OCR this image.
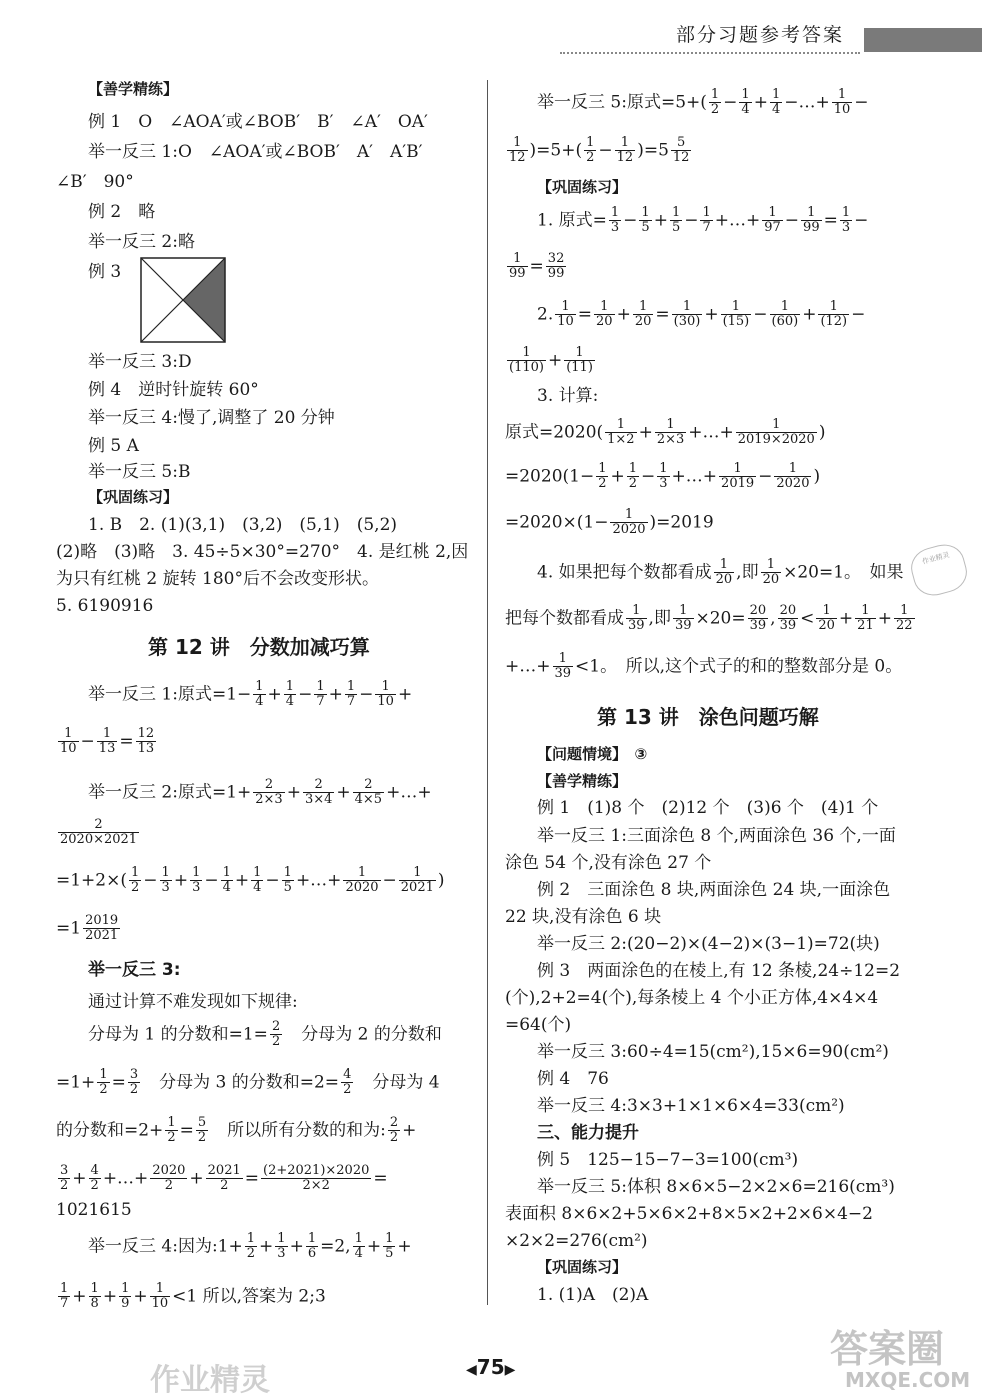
部分习题参考答案
【善学精练】
例 1　O　∠AOA′或∠BOB′　B′　∠A′　OA′
举一反三 1:O　∠AOA′或∠BOB′　A′　A′B′
∠B′　90°
例 2　略
举一反三 2:略
例 3
举一反三 3:D
例 4　逆时针旋转 60°
举一反三 4:慢了,调整了 20 分钟
例 5 A
举一反三 5:B
【巩固练习】
1. B　2. (1)(3,1)　(3,2)　(5,1)　(5,2)
(2)略　(3)略　3. 45÷5×30°=270°　4. 是红桃 2,因
为只有红桃 2 旋转 180°后不会改变形状。
5. 6190916
第 12 讲　分数加减巧算
举一反三 1:原式$=1- \frac{1}{4} + \frac{1}{4} - \frac{1}{7} + \frac{1}{7} - \frac{1}{10}$ +
$\frac{1}{10} - \frac{1}{13} = \frac{12}{13}$
举一反三 2:原式$=1+ \frac{2}{2\times 3} + \frac{2}{3\times 4} + \frac{2}{4\times 5}$ +…+
$\frac{2}{2020\times 2021}$
$=1+2\times( \frac{1}{2} - \frac{1}{3} + \frac{1}{3} - \frac{1}{4} + \frac{1}{4} - \frac{1}{5}$ +…+ $\frac{1}{2020} - \frac{1}{2021}$ )
$=1 \frac{2019}{2021}$
举一反三 3:
通过计算不难发现如下规律:
分母为 1 的分数和$=1= \frac{2}{2}$ 　分母为 2 的分数和
$=1+ \frac{1}{2} = \frac{3}{2}$
　 分母为 3 的分数和$=2= \frac{4}{2}$ 　分母为 4
的分数和$=2+ \frac{1}{2} = \frac{5}{2}$ 　所以所有分数的和为: $\frac{2}{2}$ +
$\frac{3}{2} + \frac{4}{2}$ +…+ $\frac{2020}{2} + \frac{2021}{2} = \frac{(2+2021)\times 2020}{2\times 2}$ =
1021615
举一反三 4:因为:1+ $\frac{1}{2} + \frac{1}{3} + \frac{1}{6} =2$, $\frac{1}{4} + \frac{1}{5}$ +
$\frac{1}{7} + \frac{1}{8} + \frac{1}{9} + \frac{1}{10} <1$ 所以,答案为 2;3
举一反三 5:原式$=5+( \frac{1}{2} - \frac{1}{4} + \frac{1}{4}$ −…+ $\frac{1}{10}$ −
$\frac{1}{12} )=5+( \frac{1}{2} - \frac{1}{12} )=5 \frac{5}{12}$
【巩固练习】
1. 原式= $\frac{1}{3} - \frac{1}{5} + \frac{1}{5} - \frac{1}{7}$ +…+ $\frac{1}{97} - \frac{1}{99} = \frac{1}{3}$ −
$\frac{1}{99} = \frac{32}{99}$
2. $\frac{1}{10} = \frac{1}{20} + \frac{1}{20} = \frac{1}{(30)} + \frac{1}{(15)} - \frac{1}{(60)} + \frac{1}{(12)}$ −
$\frac{1}{(110)} + \frac{1}{(11)}$
3. 计算:
原式$=2020( \frac{1}{1\times 2} + \frac{1}{2\times 3}$ +…+ $\frac{1}{2019\times 2020}$ )
$=2020(1- \frac{1}{2} + \frac{1}{2} - \frac{1}{3}$ +…+ $\frac{1}{2019} - \frac{1}{2020}$ )
$=2020\times(1- \frac{1}{2020} )=2019$
4. 如果把每个数都看成 $\frac{1}{20}$ ,即 $\frac{1}{20} \times 20=1$。　如果
作业精灵
把每个数都看成 $\frac{1}{39}$ ,即 $\frac{1}{39} \times 20= \frac{20}{39}$ , $\frac{20}{39} < \frac{1}{20} + \frac{1}{21} + \frac{1}{22}$
+…+ $\frac{1}{39} <1$。　所以,这个式子的和的整数部分是 0。
第 13 讲　涂色问题巧解
【问题情境】　③
【善学精练】
例 1　(1)8 个　(2)12 个　(3)6 个　(4)1 个
举一反三 1:三面涂色 8 个,两面涂色 36 个,一面
涂色 54 个,没有涂色 27 个
例 2　三面涂色 8 块,两面涂色 24 块,一面涂色
22 块,没有涂色 6 块
举一反三 2:(20−2)×(4−2)×(3−1)=72(块)
例 3　两面涂色的在棱上,有 12 条棱,24÷12=2
(个),2+2=4(个),每条棱上 4 个小正方体,4×4×4
=64(个)
举一反三 3:60÷4=15(cm²),15×6=90(cm²)
例 4　76
举一反三 4:3×3+1×1×6×4=33(cm²)
三、能力提升
例 5　125−15−7−3=100(cm³)
举一反三 5:体积 8×6×5−2×2×6=216(cm³)
表面积 8×6×2+5×6×2+8×5×2+2×6×4−2
×2×2=276(cm²)
【巩固练习】
1. (1)A　(2)A
◀75▶
作业精灵
答案圈
MXQE.COM
